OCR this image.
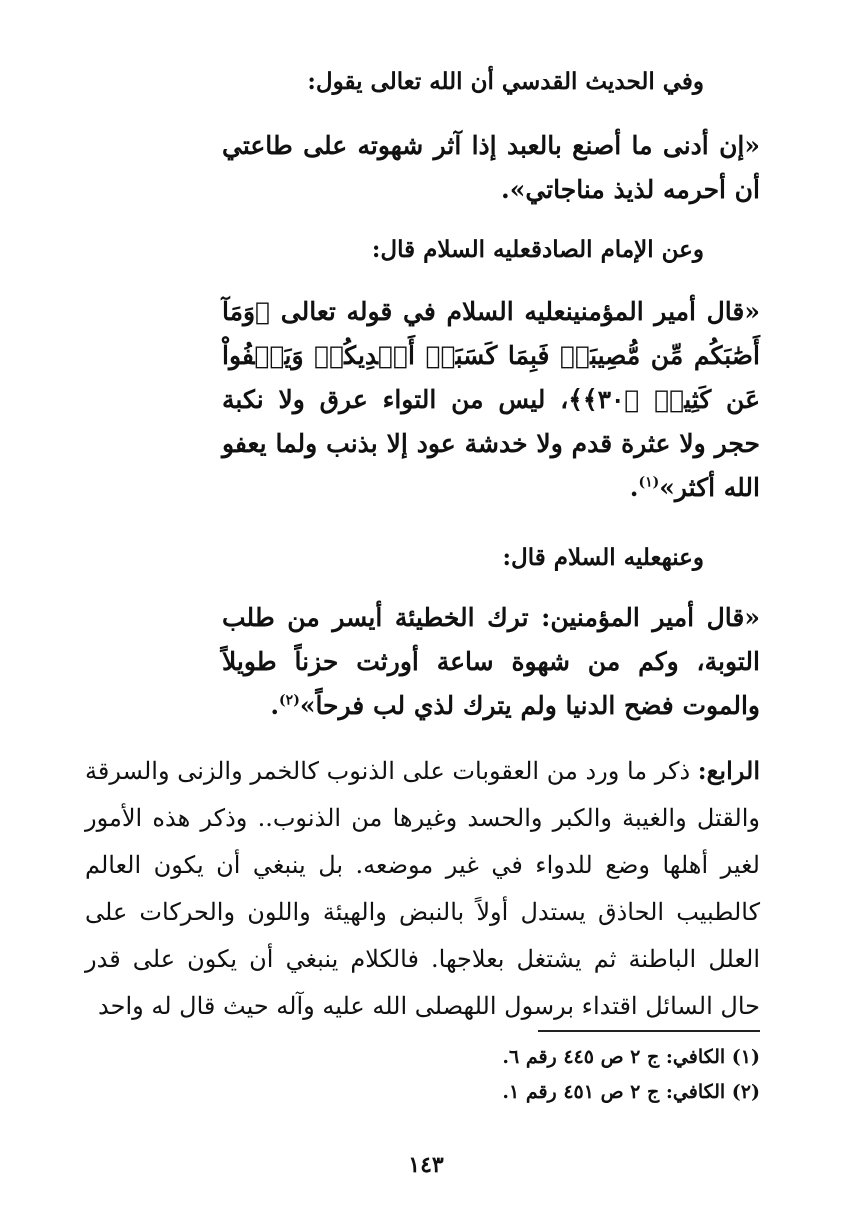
وفي الحديث القدسي أن الله تعالى يقول:
«إن أدنى ما أصنع بالعبد إذا آثر شهوته على طاعتي أن أحرمه لذيذ مناجاتي».
وعن الإمام الصادقعليه السلام قال:
«قال أمير المؤمنينعليه السلام في قوله تعالى ﴿وَمَآ أَصَٰبَكُم مِّن مُّصِيبَةٖ فَبِمَا كَسَبَتۡ أَيۡدِيكُمۡ وَيَعۡفُواْ عَن كَثِيرٖ ﴿٣٠﴾﴾، ليس من التواء عرق ولا نكبة حجر ولا عثرة قدم ولا خدشة عود إلا بذنب ولما يعفو الله أكثر»$^{(١)}$.
وعنهعليه السلام قال:
«قال أمير المؤمنين: ترك الخطيئة أيسر من طلب التوبة، وكم من شهوة ساعة أورثت حزناً طويلاً والموت فضح الدنيا ولم يترك لذي لب فرحاً»$^{(٢)}$.
الرابع: ذكر ما ورد من العقوبات على الذنوب كالخمر والزنى والسرقة والقتل والغيبة والكبر والحسد وغيرها من الذنوب.. وذكر هذه الأمور لغير أهلها وضع للدواء في غير موضعه. بل ينبغي أن يكون العالم كالطبيب الحاذق يستدل أولاً بالنبض والهيئة واللون والحركات على العلل الباطنة ثم يشتغل بعلاجها. فالكلام ينبغي أن يكون على قدر حال السائل اقتداء برسول اللهصلى الله عليه وآله حيث قال له واحد
(١) الكافي: ج ٢ ص ٤٤٥ رقم ٦.
(٢) الكافي: ج ٢ ص ٤٥١ رقم ١.
١٤٣
